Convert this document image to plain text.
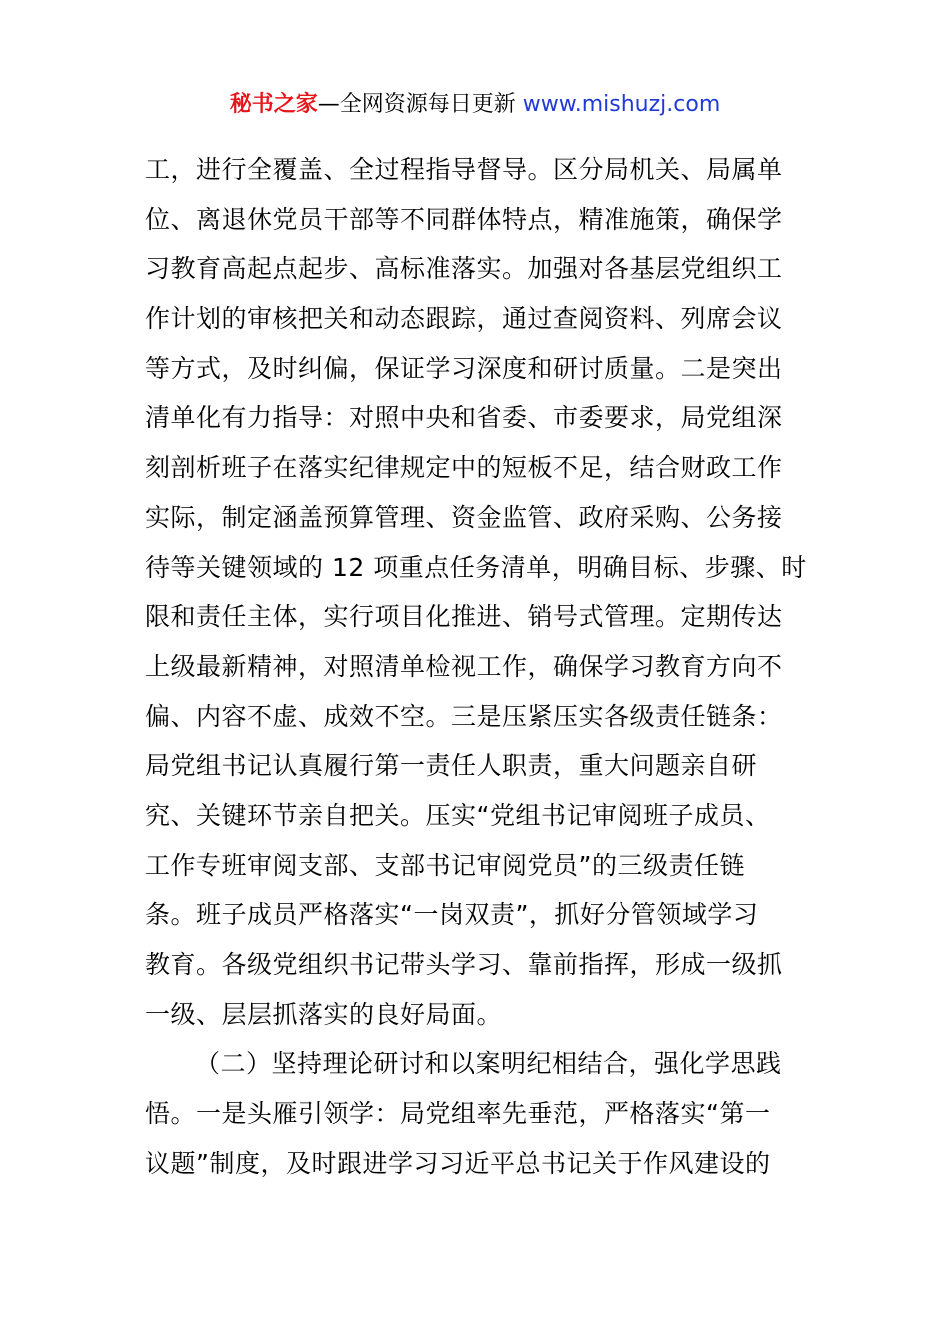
秘书之家—全网资源每日更新 www.mishuzj.com
工，进行全覆盖、全过程指导督导。区分局机关、局属单
位、离退休党员干部等不同群体特点，精准施策，确保学
习教育高起点起步、高标准落实。加强对各基层党组织工
作计划的审核把关和动态跟踪，通过查阅资料、列席会议
等方式，及时纠偏，保证学习深度和研讨质量。二是突出
清单化有力指导：对照中央和省委、市委要求，局党组深
刻剖析班子在落实纪律规定中的短板不足，结合财政工作
实际，制定涵盖预算管理、资金监管、政府采购、公务接
待等关键领域的 12 项重点任务清单，明确目标、步骤、时
限和责任主体，实行项目化推进、销号式管理。定期传达
上级最新精神，对照清单检视工作，确保学习教育方向不
偏、内容不虚、成效不空。三是压紧压实各级责任链条：
局党组书记认真履行第一责任人职责，重大问题亲自研
究、关键环节亲自把关。压实“党组书记审阅班子成员、
工作专班审阅支部、支部书记审阅党员”的三级责任链
条。班子成员严格落实“一岗双责”，抓好分管领域学习
教育。各级党组织书记带头学习、靠前指挥，形成一级抓
一级、层层抓落实的良好局面。
（二）坚持理论研讨和以案明纪相结合，强化学思践
悟。一是头雁引领学：局党组率先垂范，严格落实“第一
议题”制度，及时跟进学习习近平总书记关于作风建设的
